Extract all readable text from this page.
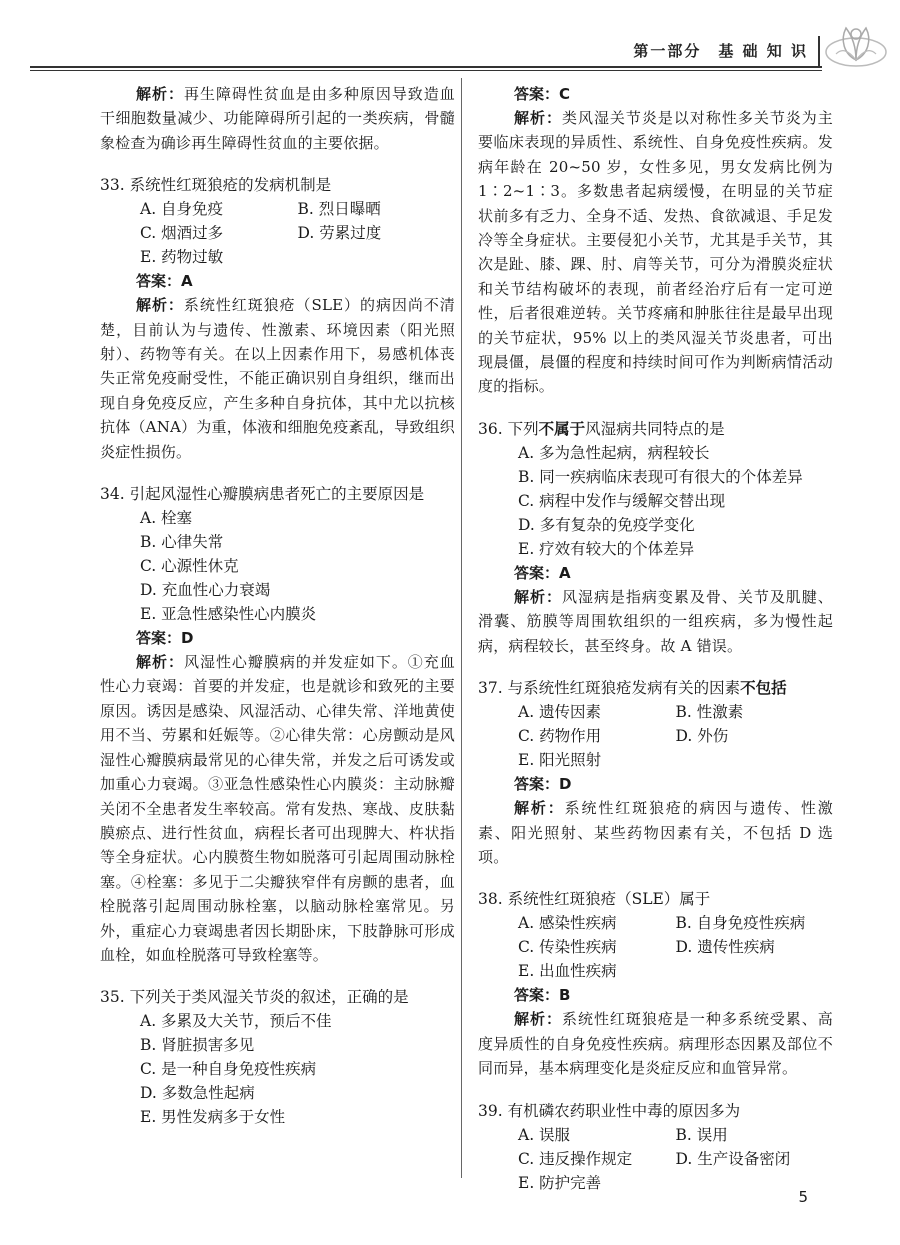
第一部分　基 础 知 识
解析：再生障碍性贫血是由多种原因导致造血干细胞数量减少、功能障碍所引起的一类疾病，骨髓象检查为确诊再生障碍性贫血的主要依据。
33. 系统性红斑狼疮的发病机制是
A. 自身免疫	B. 烈日曝晒
C. 烟酒过多	D. 劳累过度
E. 药物过敏
答案：A
解析：系统性红斑狼疮（SLE）的病因尚不清楚，目前认为与遗传、性激素、环境因素（阳光照射）、药物等有关。在以上因素作用下，易感机体丧失正常免疫耐受性，不能正确识别自身组织，继而出现自身免疫反应，产生多种自身抗体，其中尤以抗核抗体（ANA）为重，体液和细胞免疫紊乱，导致组织炎症性损伤。
34. 引起风湿性心瓣膜病患者死亡的主要原因是
A. 栓塞
B. 心律失常
C. 心源性休克
D. 充血性心力衰竭
E. 亚急性感染性心内膜炎
答案：D
解析：风湿性心瓣膜病的并发症如下。①充血性心力衰竭：首要的并发症，也是就诊和致死的主要原因。诱因是感染、风湿活动、心律失常、洋地黄使用不当、劳累和妊娠等。②心律失常：心房颤动是风湿性心瓣膜病最常见的心律失常，并发之后可诱发或加重心力衰竭。③亚急性感染性心内膜炎：主动脉瓣关闭不全患者发生率较高。常有发热、寒战、皮肤黏膜瘀点、进行性贫血，病程长者可出现脾大、杵状指等全身症状。心内膜赘生物如脱落可引起周围动脉栓塞。④栓塞：多见于二尖瓣狭窄伴有房颤的患者，血栓脱落引起周围动脉栓塞，以脑动脉栓塞常见。另外，重症心力衰竭患者因长期卧床，下肢静脉可形成血栓，如血栓脱落可导致栓塞等。
35. 下列关于类风湿关节炎的叙述，正确的是
A. 多累及大关节，预后不佳
B. 肾脏损害多见
C. 是一种自身免疫性疾病
D. 多数急性起病
E. 男性发病多于女性
答案：C
解析：类风湿关节炎是以对称性多关节炎为主要临床表现的异质性、系统性、自身免疫性疾病。发病年龄在 20~50 岁，女性多见，男女发病比例为 1∶2~1∶3。多数患者起病缓慢，在明显的关节症状前多有乏力、全身不适、发热、食欲减退、手足发冷等全身症状。主要侵犯小关节，尤其是手关节，其次是趾、膝、踝、肘、肩等关节，可分为滑膜炎症状和关节结构破坏的表现，前者经治疗后有一定可逆性，后者很难逆转。关节疼痛和肿胀往往是最早出现的关节症状，95% 以上的类风湿关节炎患者，可出现晨僵，晨僵的程度和持续时间可作为判断病情活动度的指标。
36. 下列不属于风湿病共同特点的是
A. 多为急性起病，病程较长
B. 同一疾病临床表现可有很大的个体差异
C. 病程中发作与缓解交替出现
D. 多有复杂的免疫学变化
E. 疗效有较大的个体差异
答案：A
解析：风湿病是指病变累及骨、关节及肌腱、滑囊、筋膜等周围软组织的一组疾病，多为慢性起病，病程较长，甚至终身。故 A 错误。
37. 与系统性红斑狼疮发病有关的因素不包括
A. 遗传因素	B. 性激素
C. 药物作用	D. 外伤
E. 阳光照射
答案：D
解析：系统性红斑狼疮的病因与遗传、性激素、阳光照射、某些药物因素有关，不包括 D 选项。
38. 系统性红斑狼疮（SLE）属于
A. 感染性疾病	B. 自身免疫性疾病
C. 传染性疾病	D. 遗传性疾病
E. 出血性疾病
答案：B
解析：系统性红斑狼疮是一种多系统受累、高度异质性的自身免疫性疾病。病理形态因累及部位不同而异，基本病理变化是炎症反应和血管异常。
39. 有机磷农药职业性中毒的原因多为
A. 误服	B. 误用
C. 违反操作规定	D. 生产设备密闭
E. 防护完善
5
